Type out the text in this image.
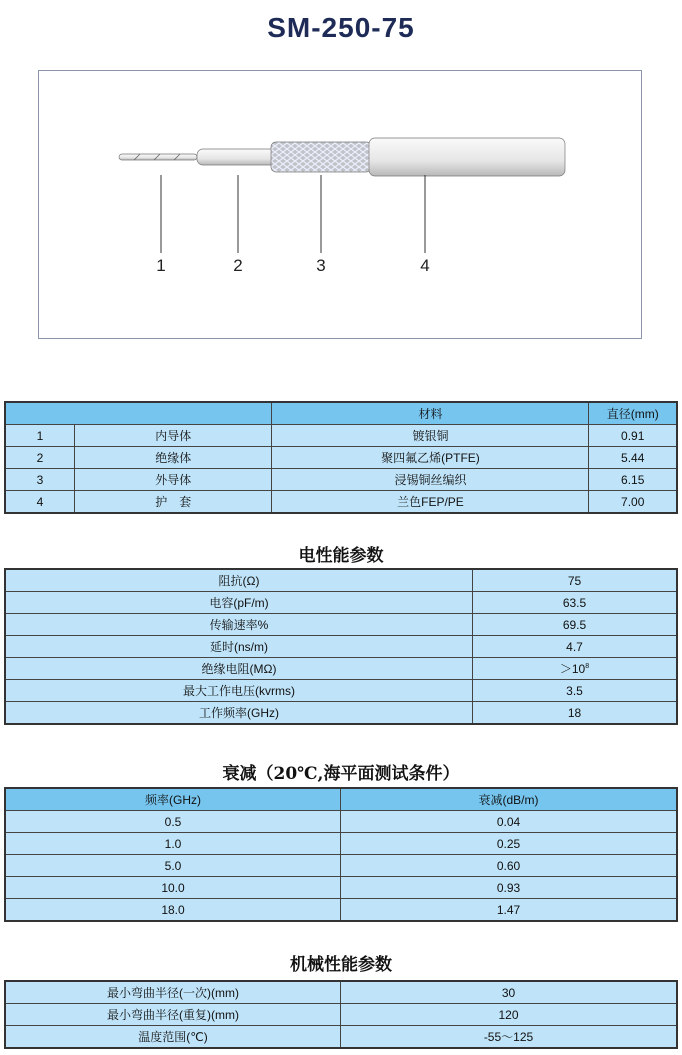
SM-250-75
1	2	3	4
		材料	直径(mm)
1	内导体	镀银铜	0.91
2	绝缘体	聚四氟乙烯(PTFE)	5.44
3	外导体	浸锡铜丝编织	6.15
4	护　套	兰色FEP/PE	7.00
电性能参数
阻抗(Ω)	75
电容(pF/m)	63.5
传输速率%	69.5
延时(ns/m)	4.7
绝缘电阻(MΩ)	$>10^8$
最大工作电压(kvrms)	3.5
工作频率(GHz)	18
衰减（20℃,海平面测试条件）
频率(GHz)	衰减(dB/m)
0.5	0.04
1.0	0.25
5.0	0.60
10.0	0.93
18.0	1.47
机械性能参数
最小弯曲半径(一次)(mm)	30
最小弯曲半径(重复)(mm)	120
温度范围(℃)	-55～125
